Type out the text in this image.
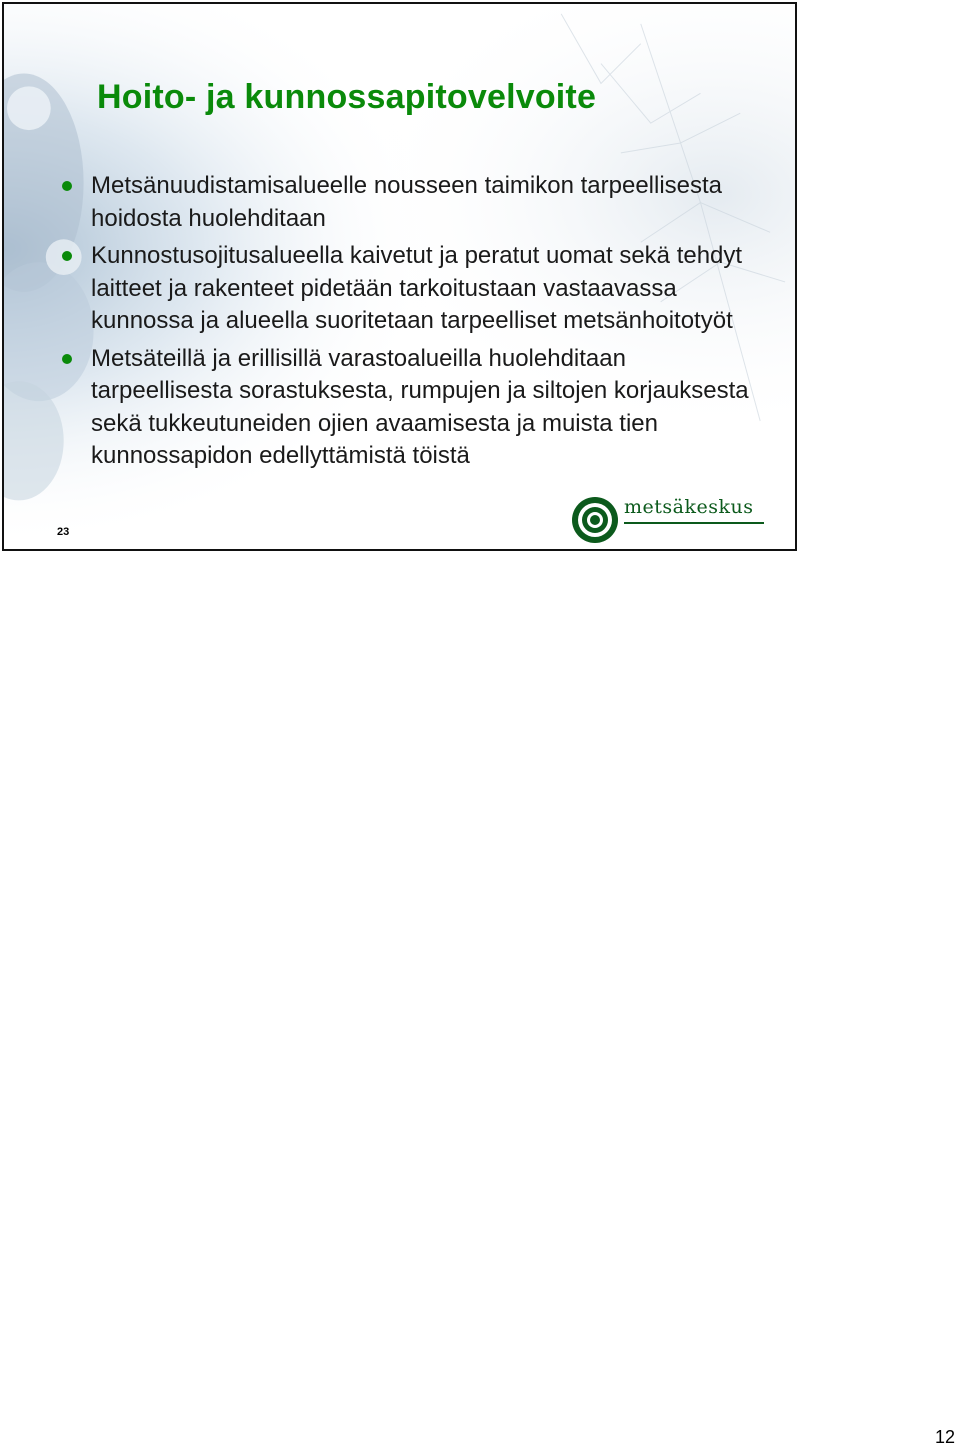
Hoito- ja kunnossapitovelvoite
Metsänuudistamisalueelle nousseen taimikon tarpeellisesta hoidosta huolehditaan
Kunnostusojitusalueella kaivetut ja peratut uomat sekä tehdyt laitteet ja rakenteet pidetään tarkoitustaan vastaavassa kunnossa ja alueella suoritetaan tarpeelliset metsänhoitotyöt
Metsäteillä ja erillisillä varastoalueilla huolehditaan tarpeellisesta sorastuksesta, rumpujen ja siltojen korjauksesta sekä tukkeutuneiden ojien avaamisesta ja muista tien kunnossapidon edellyttämistä töistä
23
metsäkeskus
12
